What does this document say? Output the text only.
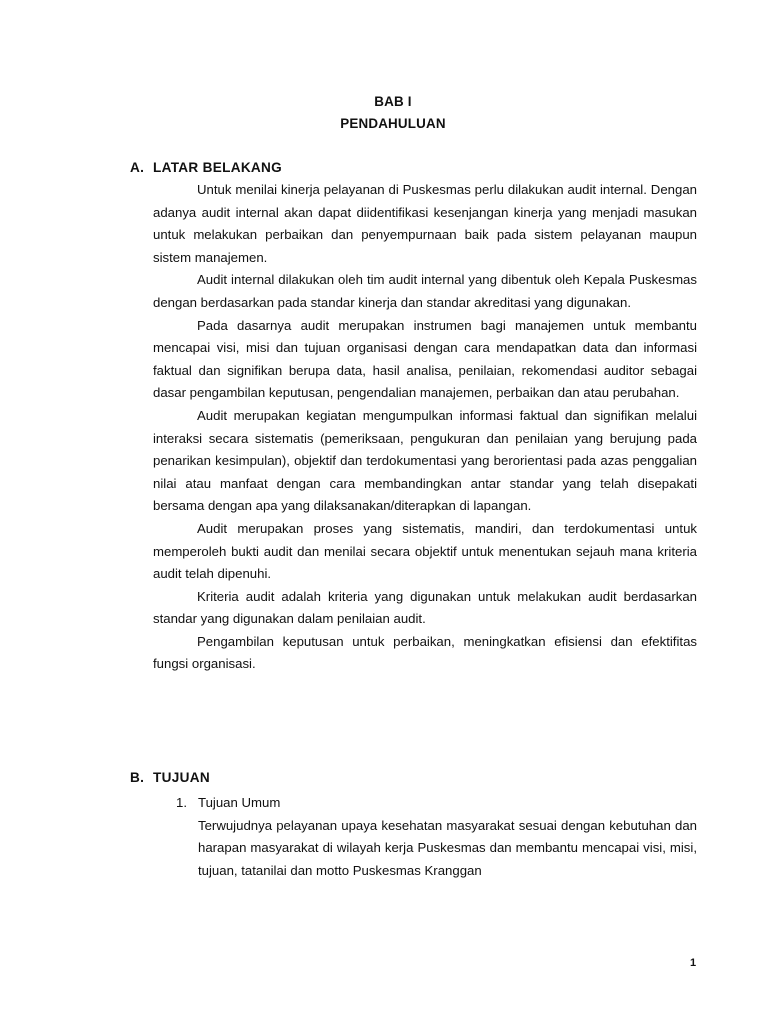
BAB I
PENDAHULUAN
A. LATAR BELAKANG

Untuk menilai kinerja pelayanan di Puskesmas perlu dilakukan audit internal. Dengan adanya audit internal akan dapat diidentifikasi kesenjangan kinerja yang menjadi masukan untuk melakukan perbaikan dan penyempurnaan baik pada sistem pelayanan maupun sistem manajemen.

Audit internal dilakukan oleh tim audit internal yang dibentuk oleh Kepala Puskesmas dengan berdasarkan pada standar kinerja dan standar akreditasi yang digunakan.

Pada dasarnya audit merupakan instrumen bagi manajemen untuk membantu mencapai visi, misi dan tujuan organisasi dengan cara mendapatkan data dan informasi faktual dan signifikan berupa data, hasil analisa, penilaian, rekomendasi auditor sebagai dasar pengambilan keputusan, pengendalian manajemen, perbaikan dan atau perubahan.

Audit merupakan kegiatan mengumpulkan informasi faktual dan signifikan melalui interaksi secara sistematis (pemeriksaan, pengukuran dan penilaian yang berujung pada penarikan kesimpulan), objektif dan terdokumentasi yang berorientasi pada azas penggalian nilai atau manfaat dengan cara membandingkan antar standar yang telah disepakati bersama dengan apa yang dilaksanakan/diterapkan di lapangan.

Audit merupakan proses yang sistematis, mandiri, dan terdokumentasi untuk memperoleh bukti audit dan menilai secara objektif untuk menentukan sejauh mana kriteria audit telah dipenuhi.

Kriteria audit adalah kriteria yang digunakan untuk melakukan audit berdasarkan standar yang digunakan dalam penilaian audit.

Pengambilan keputusan untuk perbaikan, meningkatkan efisiensi dan efektifitas fungsi organisasi.

B. TUJUAN
1. Tujuan Umum

Terwujudnya pelayanan upaya kesehatan masyarakat sesuai dengan kebutuhan dan harapan masyarakat di wilayah kerja Puskesmas dan membantu mencapai visi, misi, tujuan, tatanilai dan motto Puskesmas Kranggan

1
